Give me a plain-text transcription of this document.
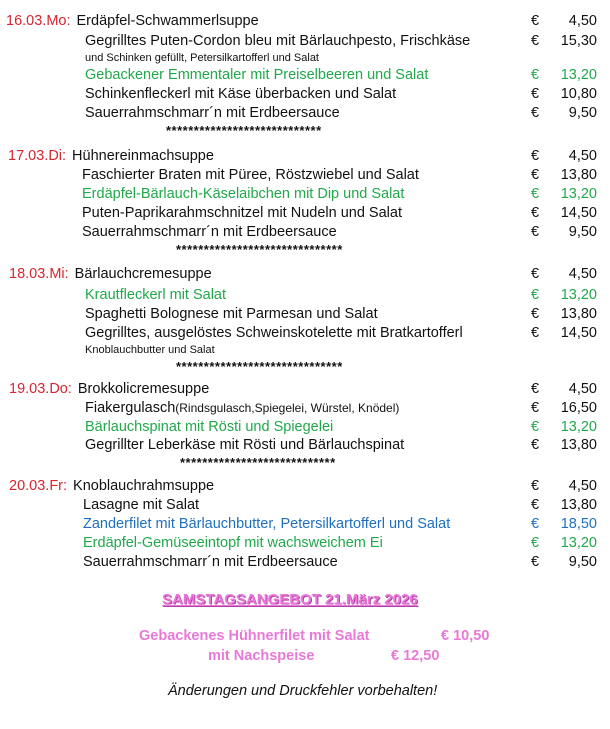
16.03.Mo: Erdäpfel-Schwammerlsuppe	€	4,50
Gegrilltes Puten-Cordon bleu mit Bärlauchpesto, Frischkäse
und Schinken gefüllt, Petersilkartofferl und Salat
€	15,30
Gebackener Emmentaler mit Preiselbeeren und Salat	€	13,20
Schinkenfleckerl mit Käse überbacken und Salat	€	10,80
Sauerrahmschmarr´n mit Erdbeersauce	€	9,50
****************************
17.03.Di: Hühnereinmachsuppe	€	4,50
Faschierter Braten mit Püree, Röstzwiebel und Salat	€	13,80
Erdäpfel-Bärlauch-Käselaibchen mit Dip und Salat	€	13,20
Puten-Paprikarahmschnitzel mit Nudeln und Salat	€	14,50
Sauerrahmschmarr´n mit Erdbeersauce	€	9,50
******************************
18.03.Mi: Bärlauchcremesuppe	€	4,50
Krautfleckerl mit Salat	€	13,20
Spaghetti Bolognese mit Parmesan und Salat	€	13,80
Gegrilltes, ausgelöstes Schweinskotelette mit Bratkartofferl
Knoblauchbutter und Salat
€	14,50
******************************
19.03.Do: Brokkolicremesuppe	€	4,50
Fiakergulasch(Rindsgulasch,Spiegelei, Würstel, Knödel)	€	16,50
Bärlauchspinat mit Rösti und Spiegelei	€	13,20
Gegrillter Leberkäse mit Rösti und Bärlauchspinat	€	13,80
****************************
20.03.Fr: Knoblauchrahmsuppe	€	4,50
Lasagne mit Salat	€	13,80
Zanderfilet mit Bärlauchbutter, Petersilkartofferl und Salat	€	18,50
Erdäpfel-Gemüseeintopf mit wachsweichem Ei	€	13,20
Sauerrahmschmarr´n mit Erdbeersauce	€	9,50
SAMSTAGSANGEBOT 21.März 2026
Gebackenes Hühnerfilet mit Salat	€ 10,50
mit Nachspeise	€ 12,50
Änderungen und Druckfehler vorbehalten!
